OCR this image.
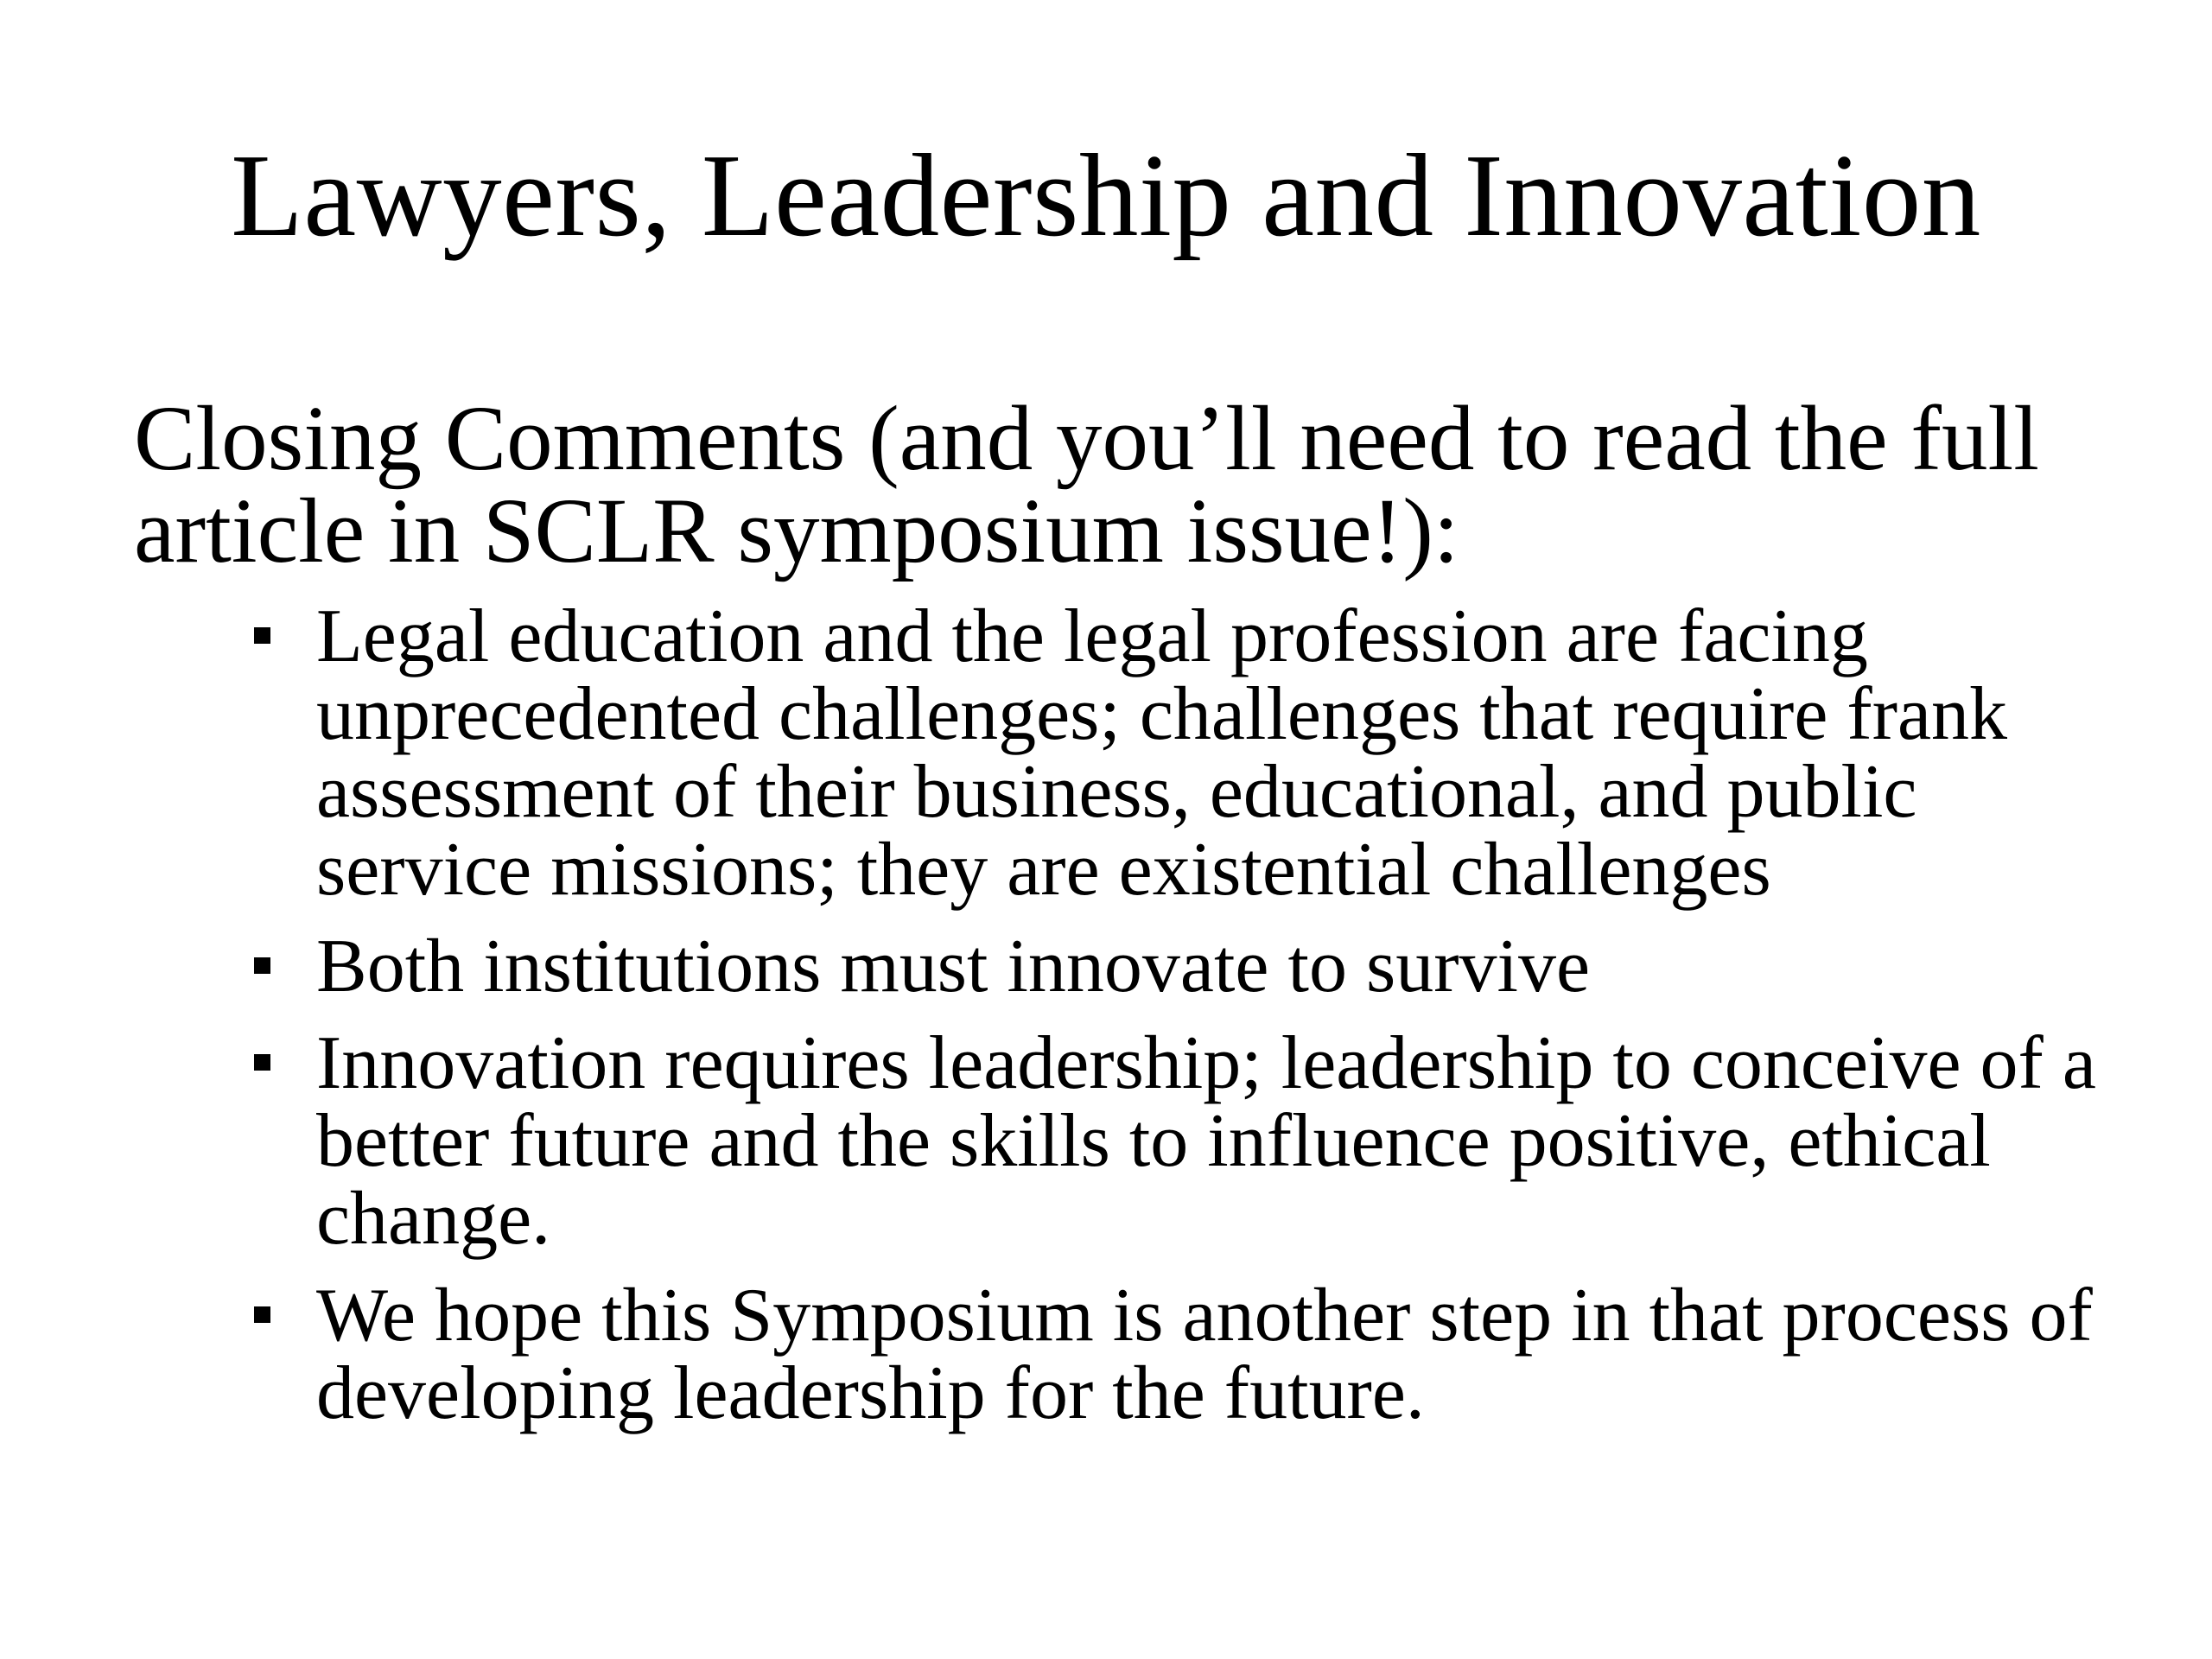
Lawyers, Leadership and Innovation

Closing Comments (and you’ll need to read the full article in SCLR symposium issue!):

Legal education and the legal profession are facing unprecedented challenges; challenges that require frank assessment of their business, educational, and public service missions; they are existential challenges
Both institutions must innovate to survive
Innovation requires leadership; leadership to conceive of a better future and the skills to influence positive, ethical change.
We hope this Symposium is another step in that process of developing leadership for the future.
